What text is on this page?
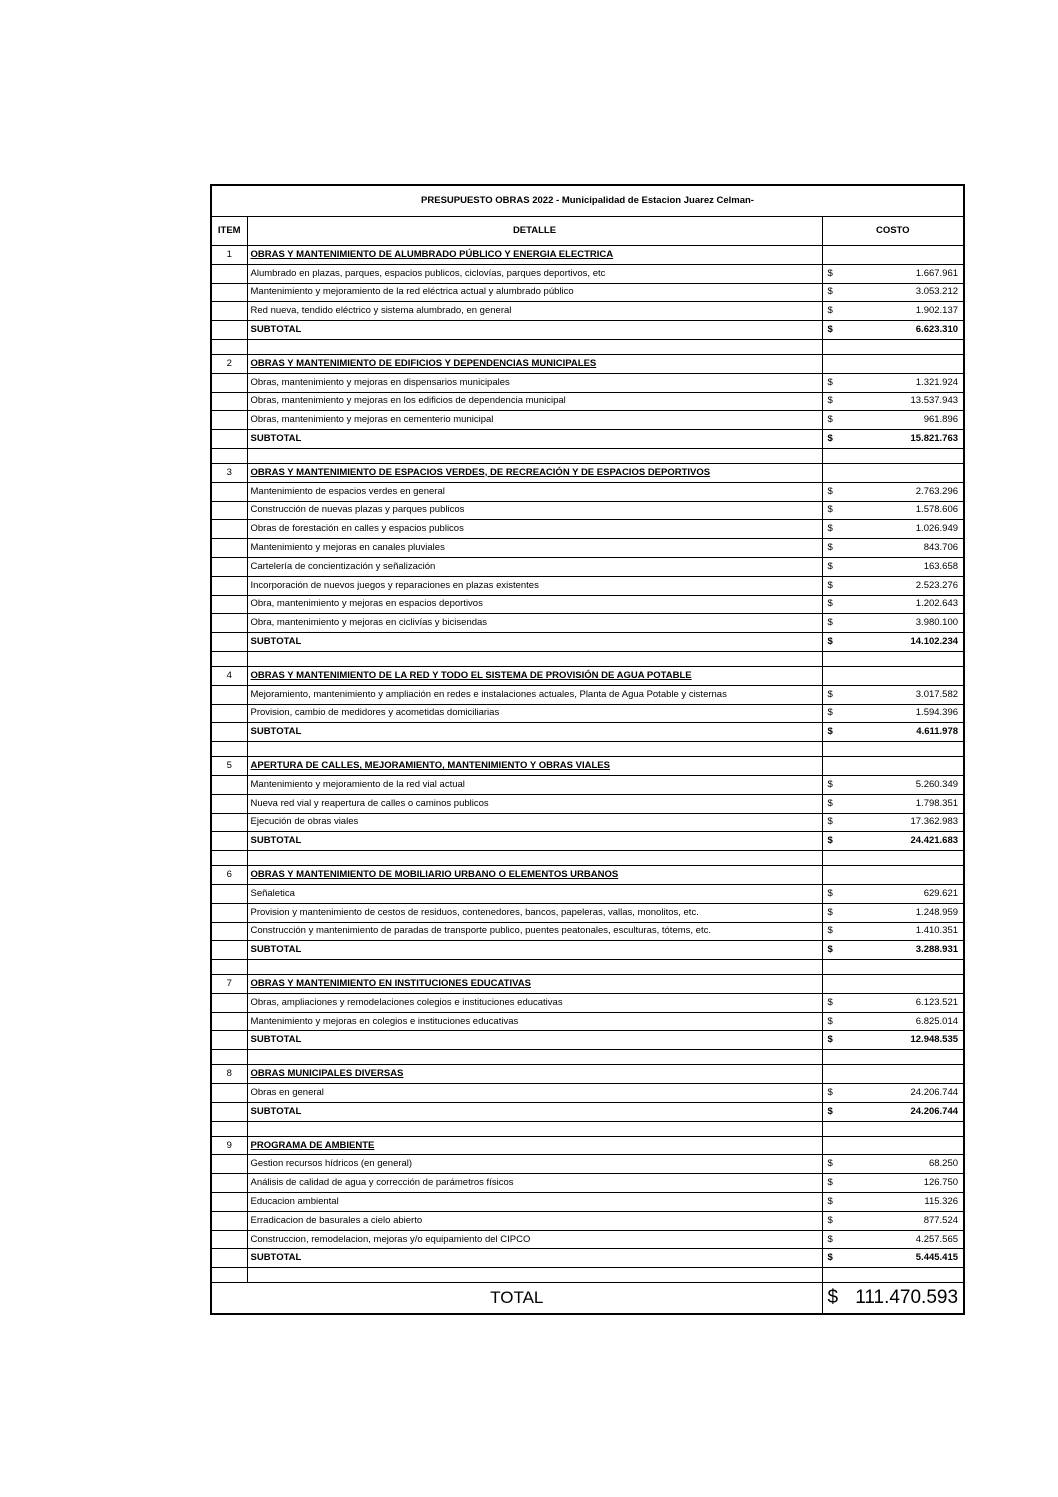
PRESUPUESTO OBRAS 2022 - Municipalidad de Estacion Juarez Celman-		
ITEM	DETALLE	COSTO
1	OBRAS Y MANTENIMIENTO DE ALUMBRADO PÚBLICO Y ENERGIA ELECTRICA	
	Alumbrado en plazas, parques, espacios publicos, ciclovías, parques deportivos, etc	$ 1.667.961

	Mantenimiento y mejoramiento de la red eléctrica actual y alumbrado público	$ 3.053.212

	Red nueva, tendido eléctrico y sistema alumbrado, en general	$ 1.902.137

	SUBTOTAL	$ 6.623.310

2	OBRAS Y MANTENIMIENTO DE EDIFICIOS Y DEPENDENCIAS MUNICIPALES	
	Obras, mantenimiento y mejoras en dispensarios municipales	$ 1.321.924

	Obras, mantenimiento y mejoras en los edificios de dependencia municipal	$ 13.537.943

	Obras, mantenimiento y mejoras en cementerio municipal	$ 961.896

	SUBTOTAL	$ 15.821.763

3	OBRAS Y MANTENIMIENTO DE ESPACIOS VERDES, DE RECREACIÓN Y DE ESPACIOS DEPORTIVOS	
	Mantenimiento de espacios verdes en general	$ 2.763.296

	Construcción de nuevas plazas y parques publicos	$ 1.578.606

	Obras de forestación en calles y espacios publicos	$ 1.026.949

	Mantenimiento y mejoras en canales pluviales	$ 843.706

	Cartelería de concientización y señalización	$ 163.658

	Incorporación de nuevos juegos y reparaciones en plazas existentes	$ 2.523.276

	Obra, mantenimiento y mejoras en espacios deportivos	$ 1.202.643

	Obra, mantenimiento y mejoras en ciclivías y bicisendas	$ 3.980.100

	SUBTOTAL	$ 14.102.234

4	OBRAS Y MANTENIMIENTO DE LA RED Y TODO EL SISTEMA DE PROVISIÓN DE AGUA POTABLE	
	Mejoramiento, mantenimiento y ampliación en redes e instalaciones actuales, Planta de Agua Potable y cisternas	$ 3.017.582

	Provision, cambio de medidores y acometidas domiciliarias	$ 1.594.396

	SUBTOTAL	$ 4.611.978

5	APERTURA DE CALLES, MEJORAMIENTO, MANTENIMIENTO Y OBRAS VIALES	
	Mantenimiento y mejoramiento de la red vial actual	$ 5.260.349

	Nueva red vial y reapertura de calles o caminos publicos	$ 1.798.351

	Ejecución de obras viales	$ 17.362.983

	SUBTOTAL	$ 24.421.683

6	OBRAS Y MANTENIMIENTO DE MOBILIARIO URBANO O ELEMENTOS URBANOS	
	Señaletica	$ 629.621

	Provision y mantenimiento de cestos de residuos, contenedores, bancos, papeleras, vallas, monolitos, etc.	$ 1.248.959

	Construcción y mantenimiento de paradas de transporte publico, puentes peatonales, esculturas, tótems, etc.	$ 1.410.351

	SUBTOTAL	$ 3.288.931

7	OBRAS Y MANTENIMIENTO EN INSTITUCIONES EDUCATIVAS	
	Obras, ampliaciones y remodelaciones colegios e instituciones educativas	$ 6.123.521

	Mantenimiento y mejoras en colegios e instituciones educativas	$ 6.825.014

	SUBTOTAL	$ 12.948.535

8	OBRAS MUNICIPALES DIVERSAS	
	Obras en general	$ 24.206.744

	SUBTOTAL	$ 24.206.744

9	PROGRAMA DE AMBIENTE	
	Gestion recursos hídricos (en general)	$ 68.250

	Análisis de calidad de agua y corrección de parámetros físicos	$ 126.750

	Educacion ambiental	$ 115.326

	Erradicacion de basurales a cielo abierto	$ 877.524

	Construccion, remodelacion, mejoras y/o equipamiento del CIPCO	$ 4.257.565

	SUBTOTAL	$ 5.445.415

TOTAL		$ 111.470.593
